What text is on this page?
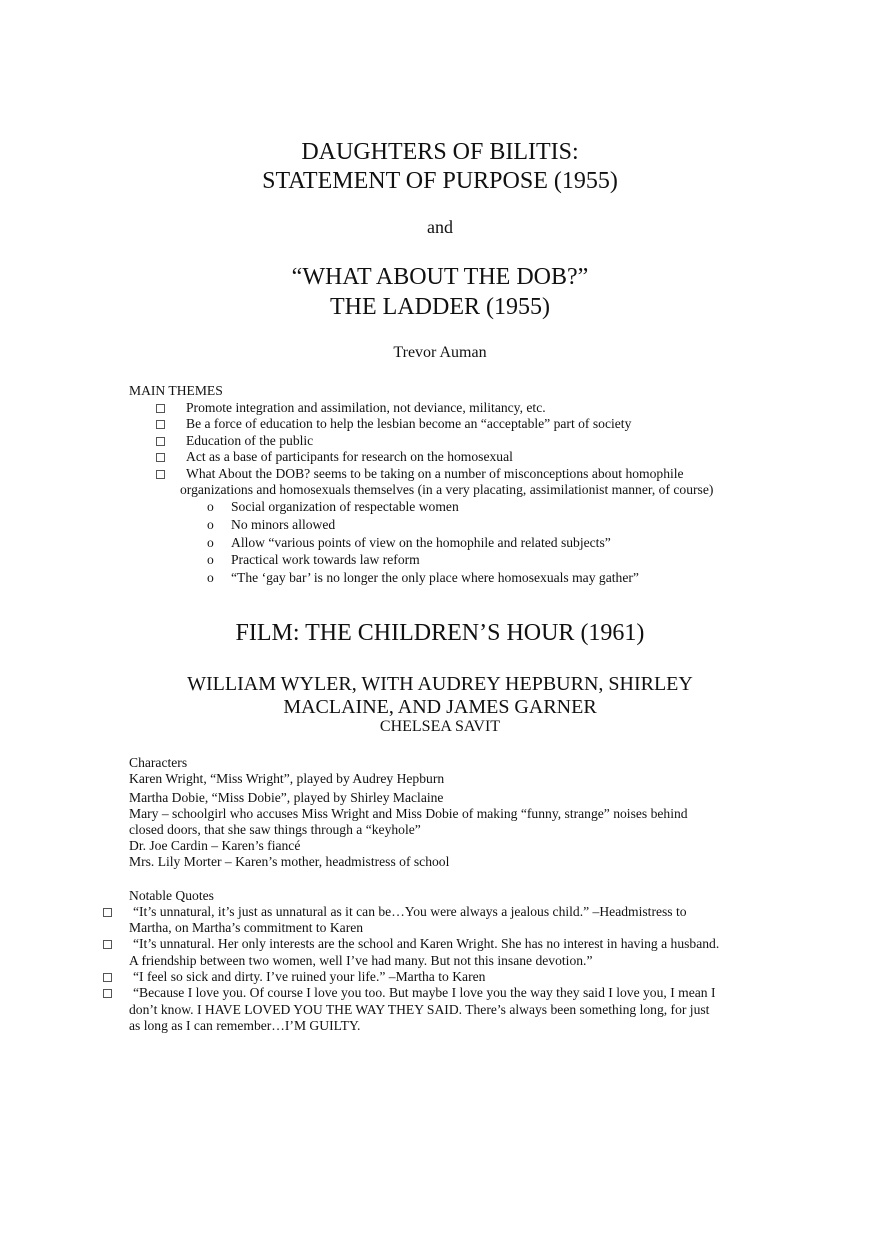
DAUGHTERS OF BILITIS:
STATEMENT OF PURPOSE (1955)
and
“WHAT ABOUT THE DOB?”
THE LADDER (1955)
Trevor Auman
MAIN THEMES
Promote integration and assimilation, not deviance, militancy, etc.
Be a force of education to help the lesbian become an “acceptable” part of society
Education of the public
Act as a base of participants for research on the homosexual
What About the DOB? seems to be taking on a number of misconceptions about homophile
organizations and homosexuals themselves (in a very placating, assimilationist manner, of course)
o Social organization of respectable women
o No minors allowed
o Allow “various points of view on the homophile and related subjects”
o Practical work towards law reform
o “The ‘gay bar’ is no longer the only place where homosexuals may gather”
FILM: THE CHILDREN’S HOUR (1961)
WILLIAM WYLER, WITH AUDREY HEPBURN, SHIRLEY
MACLAINE, AND JAMES GARNER
CHELSEA SAVIT
Characters
Karen Wright, “Miss Wright”, played by Audrey Hepburn
Martha Dobie, “Miss Dobie”, played by Shirley Maclaine
Mary – schoolgirl who accuses Miss Wright and Miss Dobie of making “funny, strange” noises behind
closed doors, that she saw things through a “keyhole”
Dr. Joe Cardin – Karen’s fiancé
Mrs. Lily Morter – Karen’s mother, headmistress of school
Notable Quotes
“It’s unnatural, it’s just as unnatural as it can be…You were always a jealous child.” –Headmistress to
Martha, on Martha’s commitment to Karen
“It’s unnatural. Her only interests are the school and Karen Wright. She has no interest in having a husband.
A friendship between two women, well I’ve had many. But not this insane devotion.”
“I feel so sick and dirty. I’ve ruined your life.” –Martha to Karen
“Because I love you. Of course I love you too. But maybe I love you the way they said I love you, I mean I
don’t know. I HAVE LOVED YOU THE WAY THEY SAID. There’s always been something long, for just
as long as I can remember…I’M GUILTY.
